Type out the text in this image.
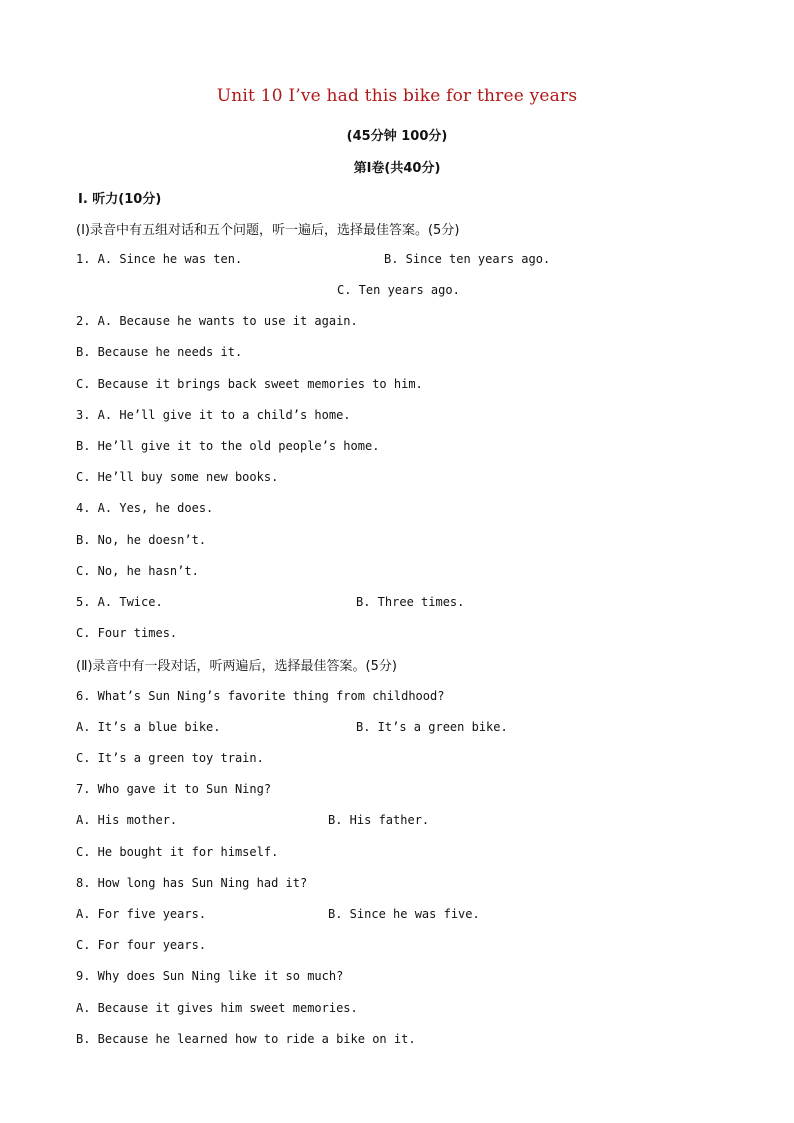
Unit 10 I’ve had this bike for three years
(45分钟 100分)
第Ⅰ卷(共40分)
Ⅰ. 听力(10分)
(Ⅰ)录音中有五组对话和五个问题，听一遍后，选择最佳答案。(5分)
1. A. Since he was ten.	B. Since ten years ago.
C. Ten years ago.
2. A. Because he wants to use it again.
B. Because he needs it.
C. Because it brings back sweet memories to him.
3. A. He’ll give it to a child’s home.
B. He’ll give it to the old people’s home.
C. He’ll buy some new books.
4. A. Yes, he does.
B. No, he doesn’t.
C. No, he hasn’t.
5. A. Twice.	B. Three times.
C. Four times.
(Ⅱ)录音中有一段对话，听两遍后，选择最佳答案。(5分)
6. What’s Sun Ning’s favorite thing from childhood?
A. It’s a blue bike.	B. It’s a green bike.
C. It’s a green toy train.
7. Who gave it to Sun Ning?
A. His mother.	B. His father.
C. He bought it for himself.
8. How long has Sun Ning had it?
A. For five years.	B. Since he was five.
C. For four years.
9. Why does Sun Ning like it so much?
A. Because it gives him sweet memories.
B. Because he learned how to ride a bike on it.
